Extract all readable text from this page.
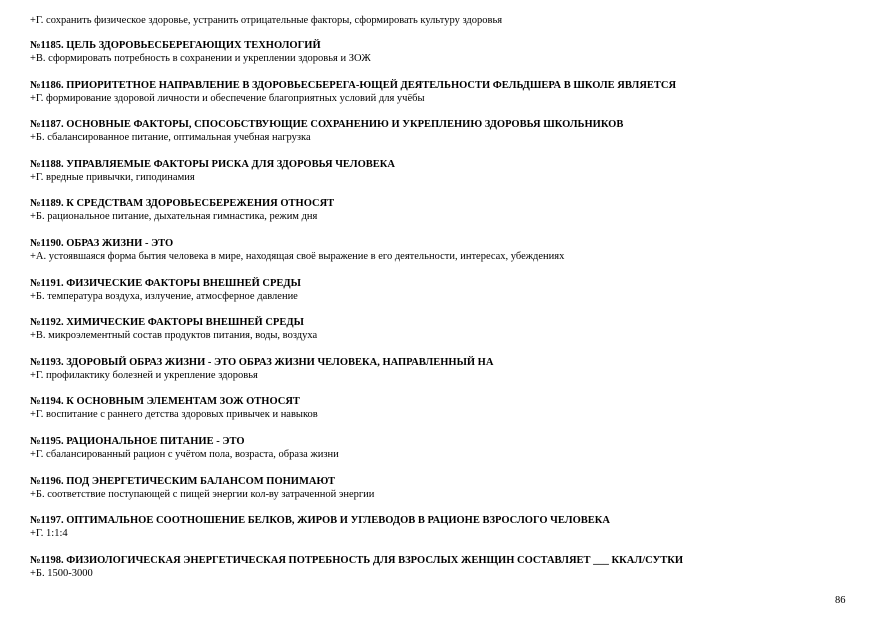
+Г. сохранить физическое здоровье, устранить отрицательные факторы, сформировать культуру здоровья
№1185. ЦЕЛЬ ЗДОРОВЬЕСБЕРЕГАЮЩИХ ТЕХНОЛОГИЙ
+В. сформировать потребность в сохранении и укреплении здоровья и ЗОЖ
№1186. ПРИОРИТЕТНОЕ НАПРАВЛЕНИЕ В ЗДОРОВЬЕСБЕРЕГА-ЮЩЕЙ ДЕЯТЕЛЬНОСТИ ФЕЛЬДШЕРА В ШКОЛЕ ЯВЛЯЕТСЯ
+Г. формирование здоровой личности и обеспечение благоприятных условий для учёбы
№1187. ОСНОВНЫЕ ФАКТОРЫ, СПОСОБСТВУЮЩИЕ СОХРАНЕНИЮ И УКРЕПЛЕНИЮ ЗДОРОВЬЯ ШКОЛЬНИКОВ
+Б. сбалансированное питание, оптимальная учебная нагрузка
№1188. УПРАВЛЯЕМЫЕ ФАКТОРЫ РИСКА ДЛЯ ЗДОРОВЬЯ ЧЕЛОВЕКА
+Г. вредные привычки, гиподинамия
№1189. К СРЕДСТВАМ ЗДОРОВЬЕСБЕРЕЖЕНИЯ ОТНОСЯТ
+Б. рациональное питание, дыхательная гимнастика, режим дня
№1190. ОБРАЗ ЖИЗНИ - ЭТО
+А. устоявшаяся форма бытия человека в мире, находящая своё выражение в его деятельности, интересах, убеждениях
№1191. ФИЗИЧЕСКИЕ ФАКТОРЫ ВНЕШНЕЙ СРЕДЫ
+Б. температура воздуха, излучение, атмосферное давление
№1192. ХИМИЧЕСКИЕ ФАКТОРЫ ВНЕШНЕЙ СРЕДЫ
+В. микроэлементный состав продуктов питания, воды, воздуха
№1193. ЗДОРОВЫЙ ОБРАЗ ЖИЗНИ - ЭТО ОБРАЗ ЖИЗНИ ЧЕЛОВЕКА, НАПРАВЛЕННЫЙ НА
+Г. профилактику болезней и укрепление здоровья
№1194. К ОСНОВНЫМ ЭЛЕМЕНТАМ ЗОЖ ОТНОСЯТ
+Г. воспитание с раннего детства здоровых привычек и навыков
№1195. РАЦИОНАЛЬНОЕ ПИТАНИЕ - ЭТО
+Г. сбалансированный рацион с учётом пола, возраста, образа жизни
№1196. ПОД ЭНЕРГЕТИЧЕСКИМ БАЛАНСОМ ПОНИМАЮТ
+Б. соответствие поступающей с пищей энергии кол-ву затраченной энергии
№1197. ОПТИМАЛЬНОЕ СООТНОШЕНИЕ БЕЛКОВ, ЖИРОВ И УГЛЕВОДОВ В РАЦИОНЕ ВЗРОСЛОГО ЧЕЛОВЕКА
+Г. 1:1:4
№1198. ФИЗИОЛОГИЧЕСКАЯ ЭНЕРГЕТИЧЕСКАЯ ПОТРЕБНОСТЬ ДЛЯ ВЗРОСЛЫХ ЖЕНЩИН СОСТАВЛЯЕТ ___ ККАЛ/СУТКИ
+Б. 1500-3000
86
